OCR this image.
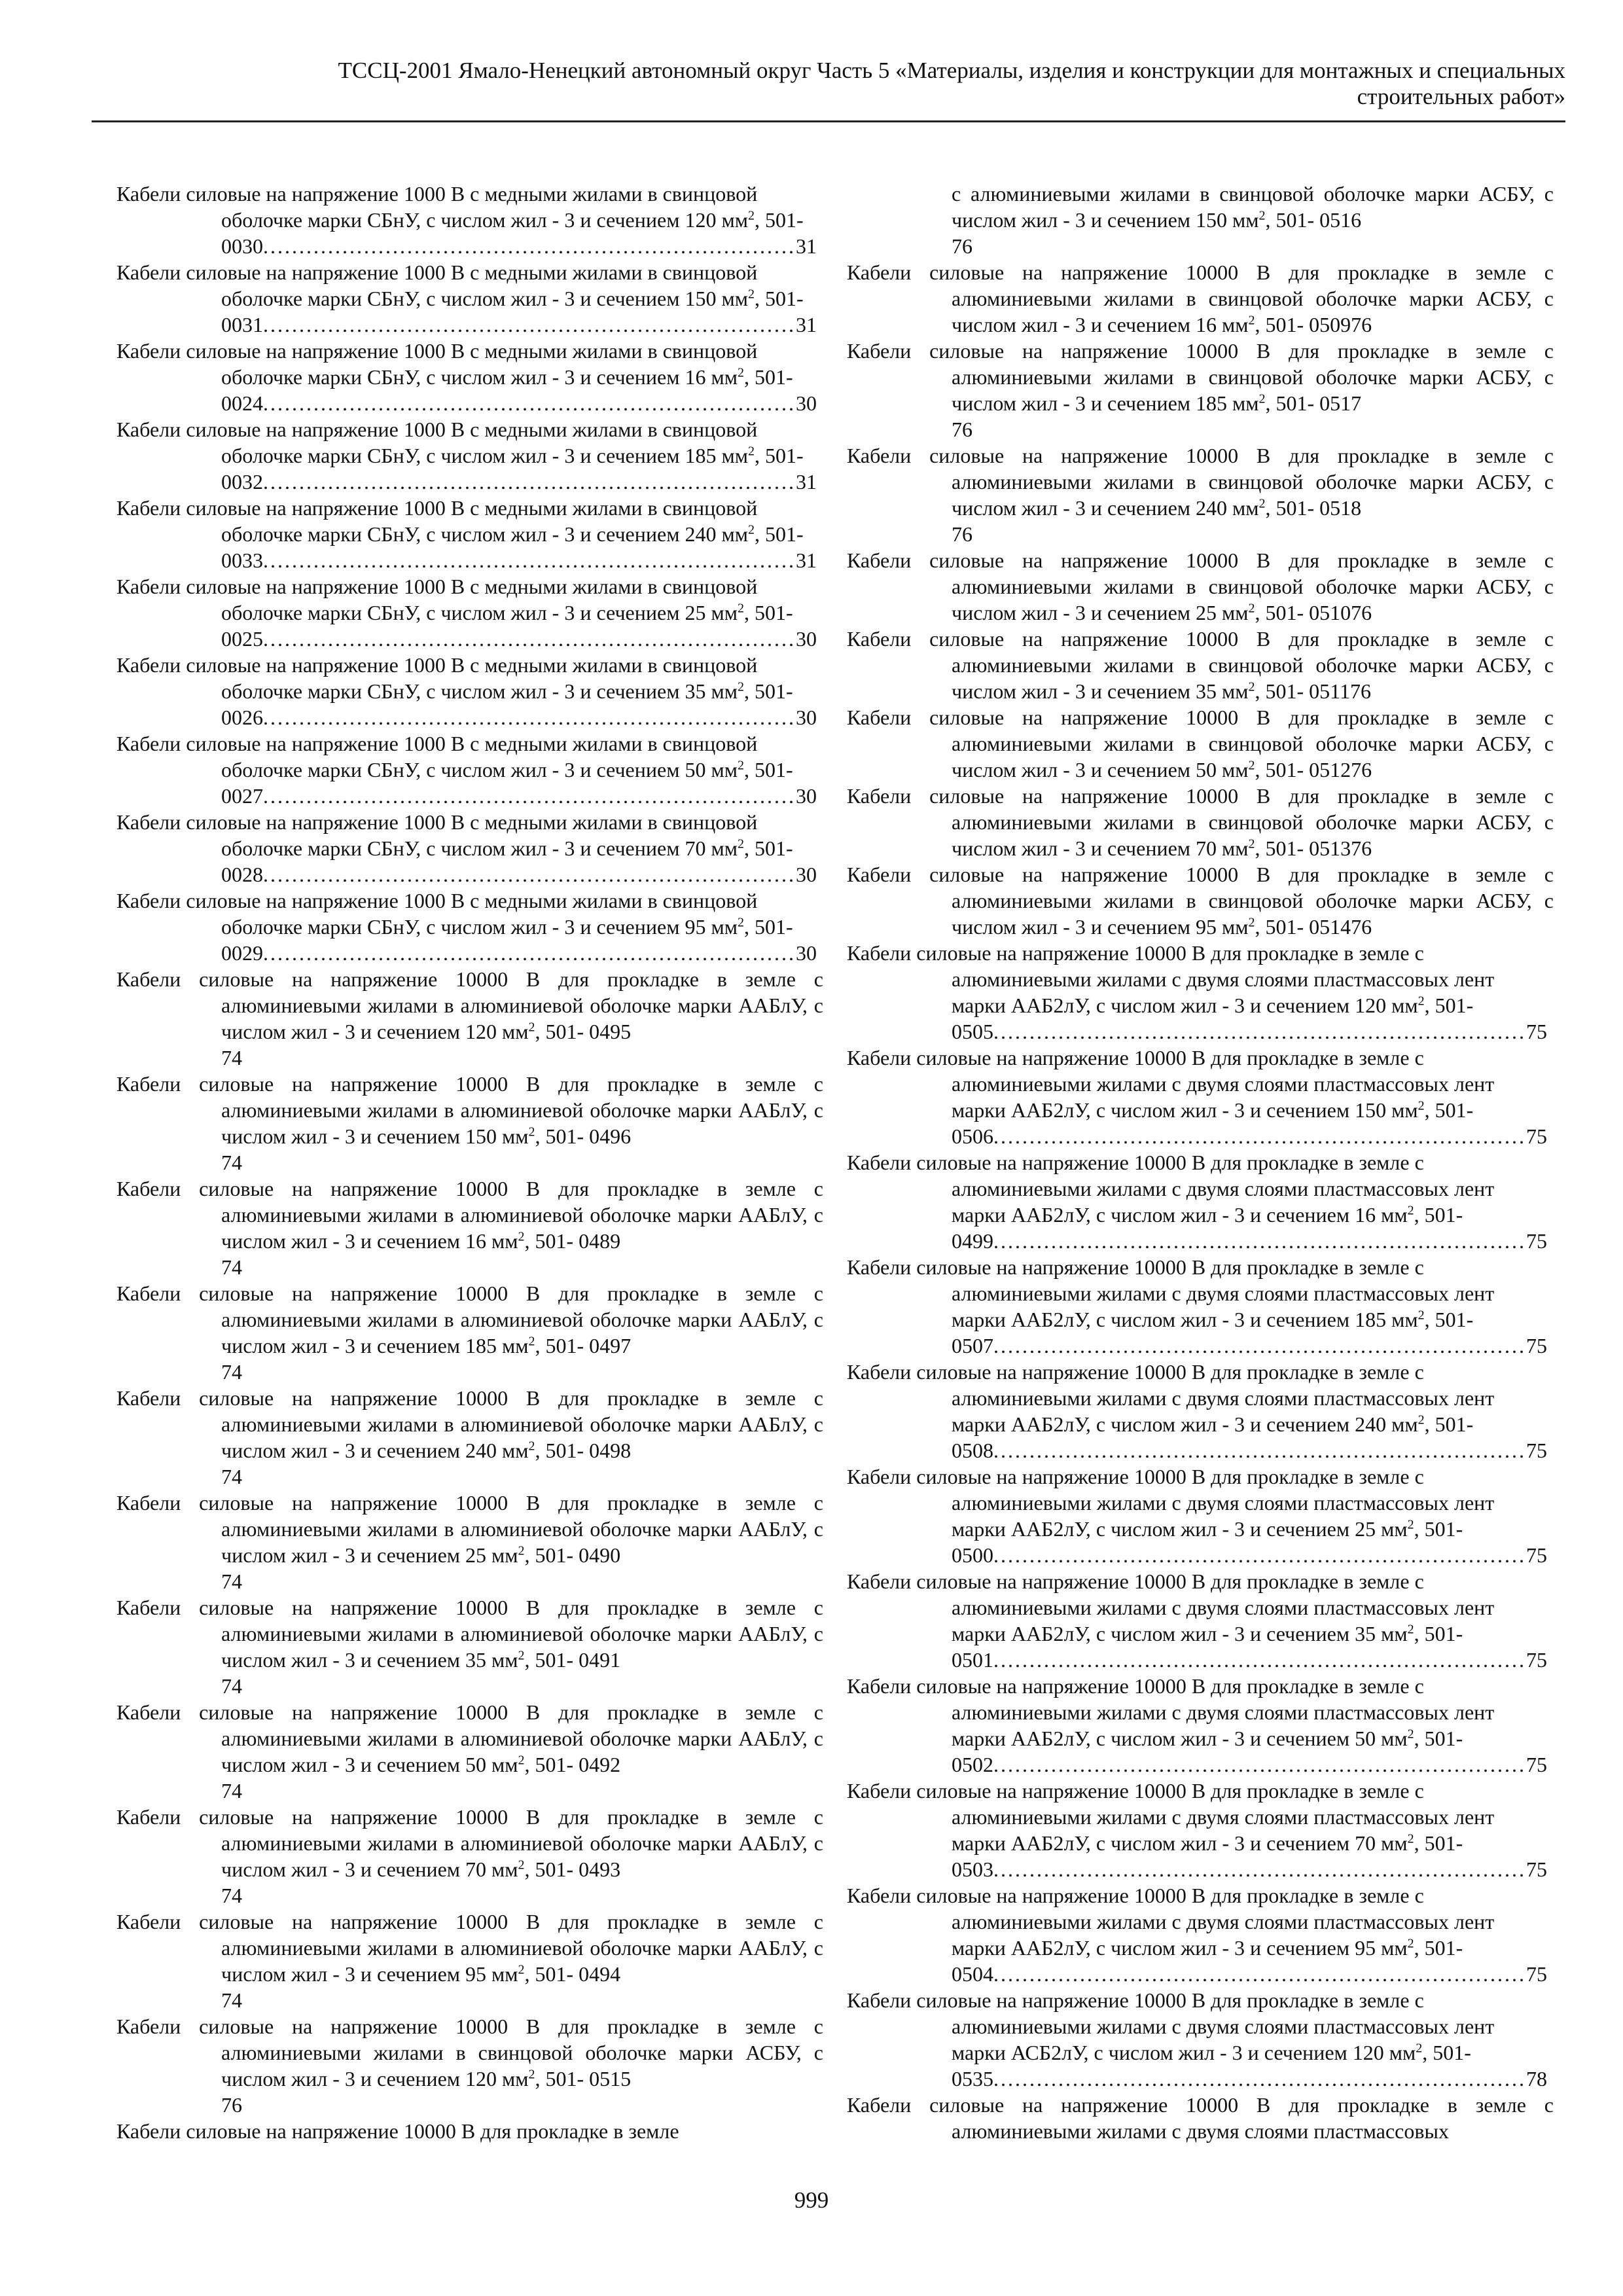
ТССЦ-2001 Ямало-Ненецкий автономный округ Часть 5 «Материалы, изделия и конструкции для монтажных и специальных
строительных работ»
Кабели силовые на напряжение 1000 В с медными жилами в свинцовой оболочке марки СБнУ, с числом жил - 3 и сечением 120 $мм^2$, 501- 0030..........................................................................31
Кабели силовые на напряжение 1000 В с медными жилами в свинцовой оболочке марки СБнУ, с числом жил - 3 и сечением 150 $мм^2$, 501- 0031..........................................................................31
Кабели силовые на напряжение 1000 В с медными жилами в свинцовой оболочке марки СБнУ, с числом жил - 3 и сечением 16 $мм^2$, 501- 0024..........................................................................30
Кабели силовые на напряжение 1000 В с медными жилами в свинцовой оболочке марки СБнУ, с числом жил - 3 и сечением 185 $мм^2$, 501- 0032..........................................................................31
Кабели силовые на напряжение 1000 В с медными жилами в свинцовой оболочке марки СБнУ, с числом жил - 3 и сечением 240 $мм^2$, 501- 0033..........................................................................31
Кабели силовые на напряжение 1000 В с медными жилами в свинцовой оболочке марки СБнУ, с числом жил - 3 и сечением 25 $мм^2$, 501- 0025..........................................................................30
Кабели силовые на напряжение 1000 В с медными жилами в свинцовой оболочке марки СБнУ, с числом жил - 3 и сечением 35 $мм^2$, 501- 0026..........................................................................30
Кабели силовые на напряжение 1000 В с медными жилами в свинцовой оболочке марки СБнУ, с числом жил - 3 и сечением 50 $мм^2$, 501- 0027..........................................................................30
Кабели силовые на напряжение 1000 В с медными жилами в свинцовой оболочке марки СБнУ, с числом жил - 3 и сечением 70 $мм^2$, 501- 0028..........................................................................30
Кабели силовые на напряжение 1000 В с медными жилами в свинцовой оболочке марки СБнУ, с числом жил - 3 и сечением 95 $мм^2$, 501- 0029..........................................................................30
Кабели силовые на напряжение 10000 В для прокладке в земле с алюминиевыми жилами в алюминиевой оболочке марки ААБлУ, с числом жил - 3 и сечением 120 $мм^2$, 501- 0495
74
Кабели силовые на напряжение 10000 В для прокладке в земле с алюминиевыми жилами в алюминиевой оболочке марки ААБлУ, с числом жил - 3 и сечением 150 $мм^2$, 501- 0496
74
Кабели силовые на напряжение 10000 В для прокладке в земле с алюминиевыми жилами в алюминиевой оболочке марки ААБлУ, с числом жил - 3 и сечением 16 $мм^2$, 501- 0489
74
Кабели силовые на напряжение 10000 В для прокладке в земле с алюминиевыми жилами в алюминиевой оболочке марки ААБлУ, с числом жил - 3 и сечением 185 $мм^2$, 501- 0497
74
Кабели силовые на напряжение 10000 В для прокладке в земле с алюминиевыми жилами в алюминиевой оболочке марки ААБлУ, с числом жил - 3 и сечением 240 $мм^2$, 501- 0498
74
Кабели силовые на напряжение 10000 В для прокладке в земле с алюминиевыми жилами в алюминиевой оболочке марки ААБлУ, с числом жил - 3 и сечением 25 $мм^2$, 501- 0490
74
Кабели силовые на напряжение 10000 В для прокладке в земле с алюминиевыми жилами в алюминиевой оболочке марки ААБлУ, с числом жил - 3 и сечением 35 $мм^2$, 501- 0491
74
Кабели силовые на напряжение 10000 В для прокладке в земле с алюминиевыми жилами в алюминиевой оболочке марки ААБлУ, с числом жил - 3 и сечением 50 $мм^2$, 501- 0492
74
Кабели силовые на напряжение 10000 В для прокладке в земле с алюминиевыми жилами в алюминиевой оболочке марки ААБлУ, с числом жил - 3 и сечением 70 $мм^2$, 501- 0493
74
Кабели силовые на напряжение 10000 В для прокладке в земле с алюминиевыми жилами в алюминиевой оболочке марки ААБлУ, с числом жил - 3 и сечением 95 $мм^2$, 501- 0494
74
Кабели силовые на напряжение 10000 В для прокладке в земле с алюминиевыми жилами в свинцовой оболочке марки АСБУ, с числом жил - 3 и сечением 120 $мм^2$, 501- 0515
76
Кабели силовые на напряжение 10000 В для прокладке в земле
с алюминиевыми жилами в свинцовой оболочке марки АСБУ, с числом жил - 3 и сечением 150 $мм^2$, 501- 0516
76
Кабели силовые на напряжение 10000 В для прокладке в земле с алюминиевыми жилами в свинцовой оболочке марки АСБУ, с числом жил - 3 и сечением 16 $мм^2$, 501- 050976
Кабели силовые на напряжение 10000 В для прокладке в земле с алюминиевыми жилами в свинцовой оболочке марки АСБУ, с числом жил - 3 и сечением 185 $мм^2$, 501- 0517
76
Кабели силовые на напряжение 10000 В для прокладке в земле с алюминиевыми жилами в свинцовой оболочке марки АСБУ, с числом жил - 3 и сечением 240 $мм^2$, 501- 0518
76
Кабели силовые на напряжение 10000 В для прокладке в земле с алюминиевыми жилами в свинцовой оболочке марки АСБУ, с числом жил - 3 и сечением 25 $мм^2$, 501- 051076
Кабели силовые на напряжение 10000 В для прокладке в земле с алюминиевыми жилами в свинцовой оболочке марки АСБУ, с числом жил - 3 и сечением 35 $мм^2$, 501- 051176
Кабели силовые на напряжение 10000 В для прокладке в земле с алюминиевыми жилами в свинцовой оболочке марки АСБУ, с числом жил - 3 и сечением 50 $мм^2$, 501- 051276
Кабели силовые на напряжение 10000 В для прокладке в земле с алюминиевыми жилами в свинцовой оболочке марки АСБУ, с числом жил - 3 и сечением 70 $мм^2$, 501- 051376
Кабели силовые на напряжение 10000 В для прокладке в земле с алюминиевыми жилами в свинцовой оболочке марки АСБУ, с числом жил - 3 и сечением 95 $мм^2$, 501- 051476
Кабели силовые на напряжение 10000 В для прокладке в земле с алюминиевыми жилами с двумя слоями пластмассовых лент марки ААБ2лУ, с числом жил - 3 и сечением 120 $мм^2$, 501- 0505..........................................................................75
Кабели силовые на напряжение 10000 В для прокладке в земле с алюминиевыми жилами с двумя слоями пластмассовых лент марки ААБ2лУ, с числом жил - 3 и сечением 150 $мм^2$, 501- 0506..........................................................................75
Кабели силовые на напряжение 10000 В для прокладке в земле с алюминиевыми жилами с двумя слоями пластмассовых лент марки ААБ2лУ, с числом жил - 3 и сечением 16 $мм^2$, 501- 0499..........................................................................75
Кабели силовые на напряжение 10000 В для прокладке в земле с алюминиевыми жилами с двумя слоями пластмассовых лент марки ААБ2лУ, с числом жил - 3 и сечением 185 $мм^2$, 501- 0507..........................................................................75
Кабели силовые на напряжение 10000 В для прокладке в земле с алюминиевыми жилами с двумя слоями пластмассовых лент марки ААБ2лУ, с числом жил - 3 и сечением 240 $мм^2$, 501- 0508..........................................................................75
Кабели силовые на напряжение 10000 В для прокладке в земле с алюминиевыми жилами с двумя слоями пластмассовых лент марки ААБ2лУ, с числом жил - 3 и сечением 25 $мм^2$, 501- 0500..........................................................................75
Кабели силовые на напряжение 10000 В для прокладке в земле с алюминиевыми жилами с двумя слоями пластмассовых лент марки ААБ2лУ, с числом жил - 3 и сечением 35 $мм^2$, 501- 0501..........................................................................75
Кабели силовые на напряжение 10000 В для прокладке в земле с алюминиевыми жилами с двумя слоями пластмассовых лент марки ААБ2лУ, с числом жил - 3 и сечением 50 $мм^2$, 501- 0502..........................................................................75
Кабели силовые на напряжение 10000 В для прокладке в земле с алюминиевыми жилами с двумя слоями пластмассовых лент марки ААБ2лУ, с числом жил - 3 и сечением 70 $мм^2$, 501- 0503..........................................................................75
Кабели силовые на напряжение 10000 В для прокладке в земле с алюминиевыми жилами с двумя слоями пластмассовых лент марки ААБ2лУ, с числом жил - 3 и сечением 95 $мм^2$, 501- 0504..........................................................................75
Кабели силовые на напряжение 10000 В для прокладке в земле с алюминиевыми жилами с двумя слоями пластмассовых лент марки АСБ2лУ, с числом жил - 3 и сечением 120 $мм^2$, 501- 0535..........................................................................78
Кабели силовые на напряжение 10000 В для прокладке в земле с алюминиевыми жилами с двумя слоями пластмассовых
999
